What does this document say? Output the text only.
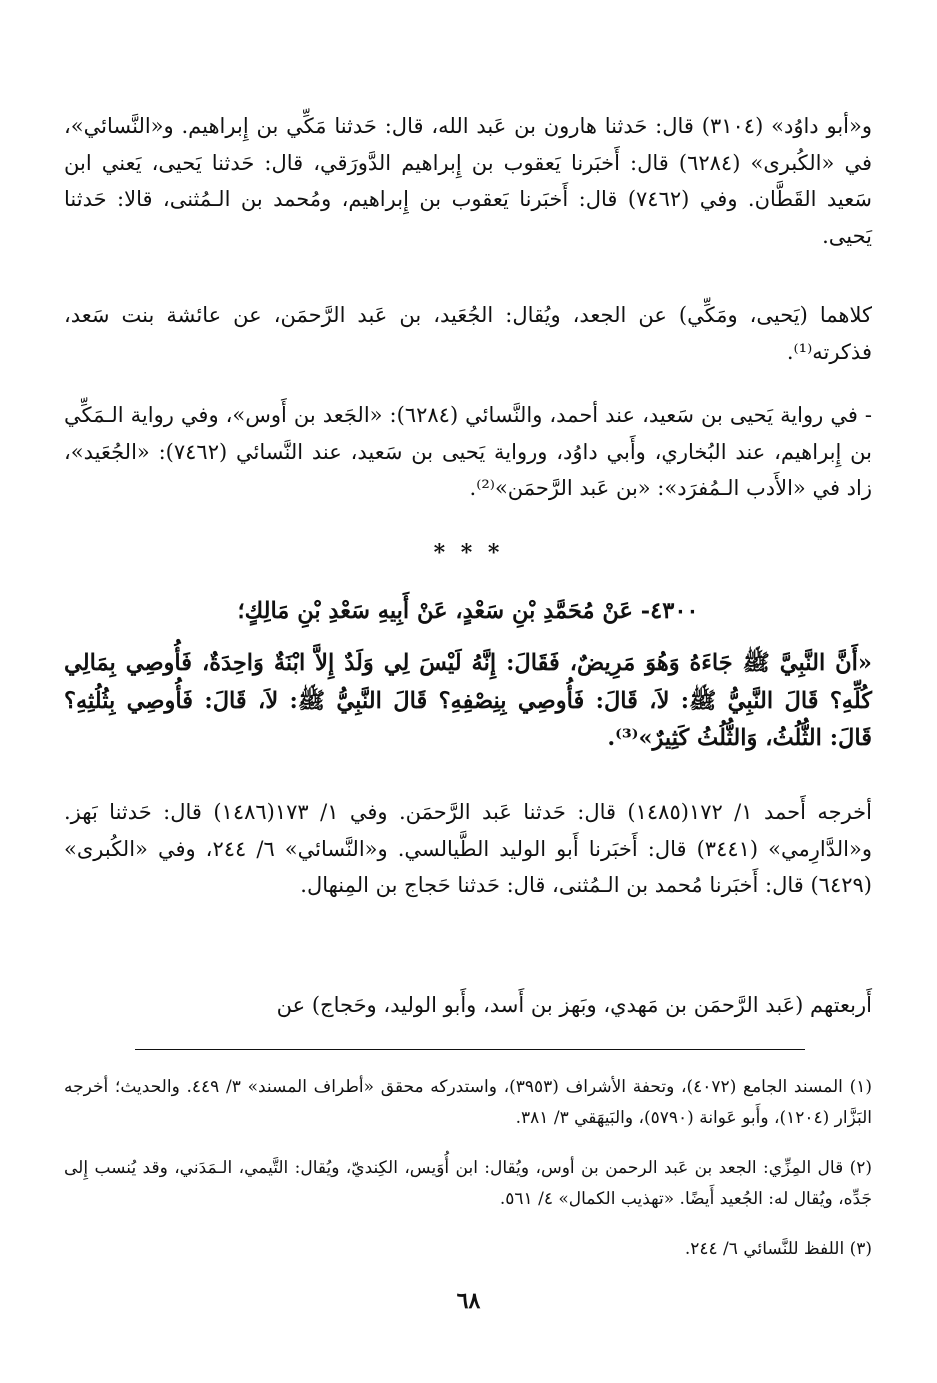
و«أبو داوُد» (٣١٠٤) قال: حَدثنا هارون بن عَبد الله، قال: حَدثنا مَكِّي بن إِبراهيم. و«النَّسائي»، في «الكُبرى» (٦٢٨٤) قال: أَخبَرنا يَعقوب بن إِبراهيم الدَّورَقي، قال: حَدثنا يَحيى، يَعني ابن سَعيد القَطَّان. وفي (٧٤٦٢) قال: أَخبَرنا يَعقوب بن إِبراهيم، ومُحمد بن الـمُثنى، قالا: حَدثنا يَحيى.

كلاهما (يَحيى، ومَكِّي) عن الجعد، ويُقال: الجُعَيد، بن عَبد الرَّحمَن، عن عائشة بنت سَعد، فذكرته⁽¹⁾.

- في رواية يَحيى بن سَعيد، عند أحمد، والنَّسائي (٦٢٨٤): «الجَعد بن أَوس»، وفي رواية الـمَكِّي بن إِبراهيم، عند البُخاري، وأَبي داوُد، ورواية يَحيى بن سَعيد، عند النَّسائي (٧٤٦٢): «الجُعَيد»، زاد في «الأَدب الـمُفرَد»: «بن عَبد الرَّحمَن»⁽²⁾.

* * *
٤٣٠٠- عَنْ مُحَمَّدِ بْنِ سَعْدٍ، عَنْ أَبِيهِ سَعْدِ بْنِ مَالِكٍ؛

«أَنَّ النَّبِيَّ ﷺ جَاءَهُ وَهُوَ مَرِيضٌ، فَقَالَ: إِنَّهُ لَيْسَ لِي وَلَدٌ إِلاَّ ابْنَةٌ وَاحِدَةٌ، فَأُوصِي بِمَالِي كُلِّهِ؟ قَالَ النَّبِيُّ ﷺ: لاَ، قَالَ: فَأُوصِي بِنِصْفِهِ؟ قَالَ النَّبِيُّ ﷺ: لاَ، قَالَ: فَأُوصِي بِثُلُثِهِ؟ قَالَ: الثُّلُثُ، وَالثُّلُثُ كَثِيرٌ»⁽³⁾.

أخرجه أَحمد ١/ ١٧٢(١٤٨٥) قال: حَدثنا عَبد الرَّحمَن. وفي ١/ ١٧٣(١٤٨٦) قال: حَدثنا بَهز. و«الدَّارِمي» (٣٤٤١) قال: أَخبَرنا أَبو الوليد الطَّيالسي. و«النَّسائي» ٦/ ٢٤٤، وفي «الكُبرى» (٦٤٢٩) قال: أَخبَرنا مُحمد بن الـمُثنى، قال: حَدثنا حَجاج بن المِنهال.

أَربعتهم (عَبد الرَّحمَن بن مَهدي، وبَهز بن أَسد، وأَبو الوليد، وحَجاج) عن

(١) المسند الجامع (٤٠٧٢)، وتحفة الأشراف (٣٩٥٣)، واستدركه محقق «أطراف المسند» ٣/ ٤٤٩. والحديث؛ أخرجه البَزَّار (١٢٠٤)، وأَبو عَوانة (٥٧٩٠)، والبَيهَقي ٣/ ٣٨١.

(٢) قال المِزِّي: الجعد بن عَبد الرحمن بن أوس، ويُقال: ابن أُوَيس، الكِنديّ، ويُقال: التَّيمي، الـمَدَني، وقد يُنسب إِلى جَدِّه، ويُقال له: الجُعيد أَيضًا. «تهذيب الكمال» ٤/ ٥٦١.

(٣) اللفظ للنَّسائي ٦/ ٢٤٤.

٦٨
